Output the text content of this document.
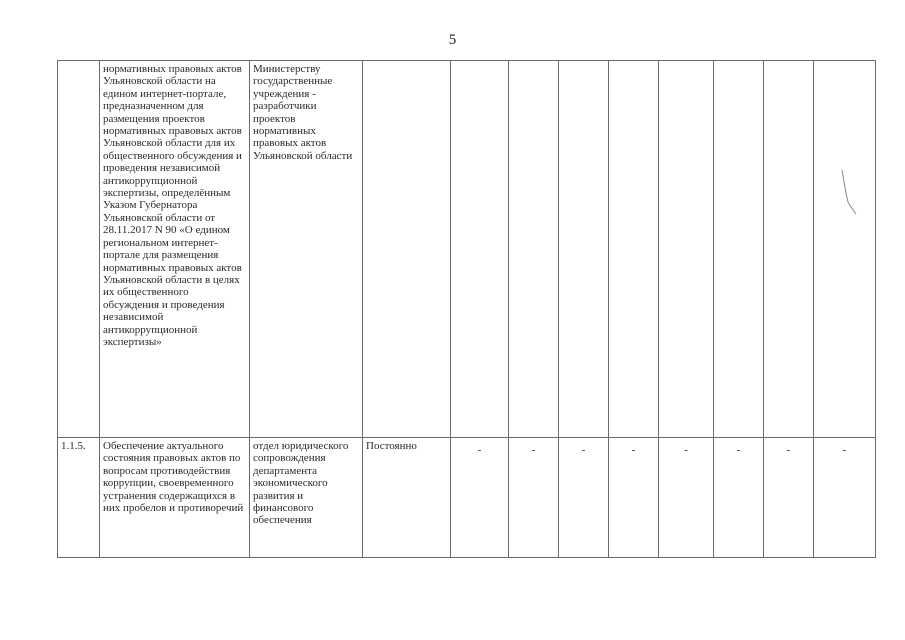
5

	нормативных правовых актов Ульяновской области на едином интернет-портале, предназначенном для размещения проектов нормативных правовых актов Ульяновской области для их общественного обсуждения и проведения независимой антикоррупционной экспертизы, определённым Указом Губернатора Ульяновской области от 28.11.2017 N 90 «О едином региональном интернет-портале для размещения нормативных правовых актов Ульяновской области в целях их общественного обсуждения и проведения независимой антикоррупционной экспертизы»	Министерству государственные учреждения - разработчики проектов нормативных правовых актов Ульяновской области									

1.1.5.	Обеспечение актуального состояния правовых актов по вопросам противодействия коррупции, своевременного устранения содержащихся в них пробелов и противоречий	отдел юридического сопровождения департамента экономического развития и финансового обеспечения	Постоянно	-	-	-	-	-	-	-	-
